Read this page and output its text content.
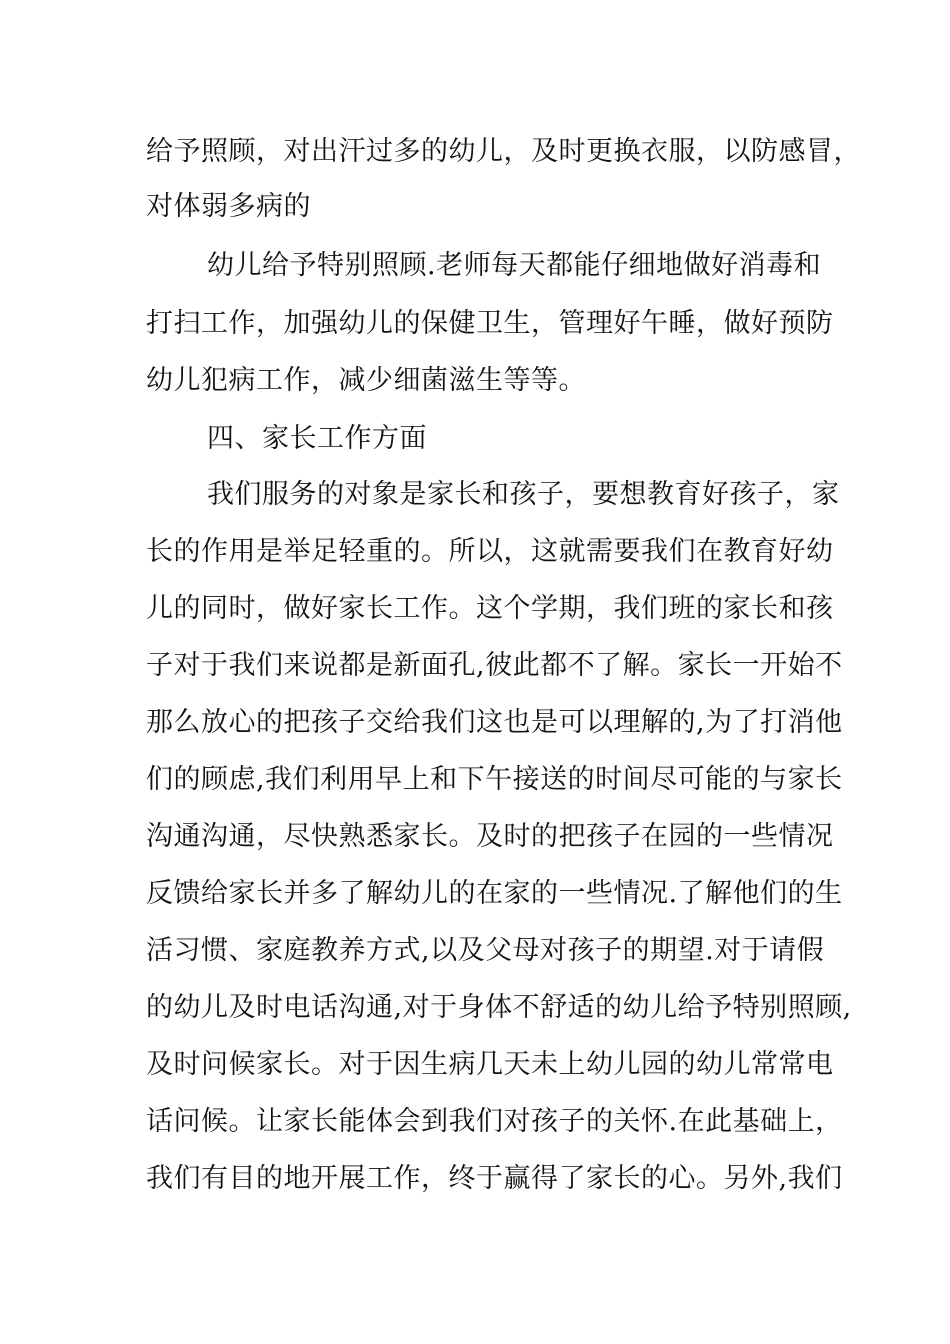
给予照顾，对出汗过多的幼儿，及时更换衣服，以防感冒，
对体弱多病的
幼儿给予特别照顾.老师每天都能仔细地做好消毒和
打扫工作，加强幼儿的保健卫生，管理好午睡，做好预防
幼儿犯病工作，减少细菌滋生等等。
四、家长工作方面
我们服务的对象是家长和孩子，要想教育好孩子，家
长的作用是举足轻重的。所以，这就需要我们在教育好幼
儿的同时，做好家长工作。这个学期，我们班的家长和孩
子对于我们来说都是新面孔,彼此都不了解。家长一开始不
那么放心的把孩子交给我们这也是可以理解的,为了打消他
们的顾虑,我们利用早上和下午接送的时间尽可能的与家长
沟通沟通，尽快熟悉家长。及时的把孩子在园的一些情况
反馈给家长并多了解幼儿的在家的一些情况.了解他们的生
活习惯、家庭教养方式,以及父母对孩子的期望.对于请假
的幼儿及时电话沟通,对于身体不舒适的幼儿给予特别照顾,
及时问候家长。对于因生病几天未上幼儿园的幼儿常常电
话问候。让家长能体会到我们对孩子的关怀.在此基础上，
我们有目的地开展工作，终于赢得了家长的心。另外,我们
